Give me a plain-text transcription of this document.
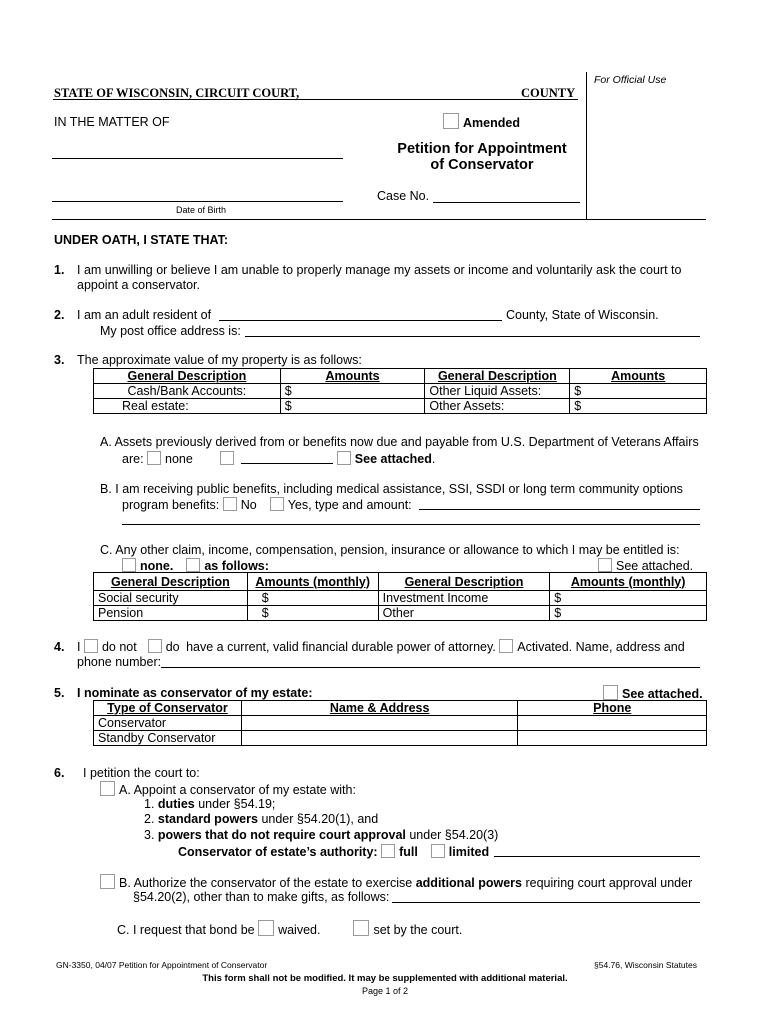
For Official Use
STATE OF WISCONSIN, CIRCUIT COURT,	COUNTY
IN THE MATTER OF	Amended
Petition for Appointment
of Conservator
Case No.
Date of Birth
UNDER OATH, I STATE THAT:
1. I am unwilling or believe I am unable to properly manage my assets or income and voluntarily ask the court to
appoint a conservator.
2. I am an adult resident of	County, State of Wisconsin.
My post office address is:
3. The approximate value of my property is as follows:
General Description	Amounts	General Description	Amounts
Cash/Bank Accounts:	$	Other Liquid Assets:	$
Real estate:	$	Other Assets:	$
A. Assets previously derived from or benefits now due and payable from U.S. Department of Veterans Affairs
are: none	See attached.
B. I am receiving public benefits, including medical assistance, SSI, SSDI or long term community options
program benefits: No Yes, type and amount:
C. Any other claim, income, compensation, pension, insurance or allowance to which I may be entitled is:
none. as follows:	See attached.
General Description	Amounts (monthly)	General Description	Amounts (monthly)
Social security	$	Investment Income	$
Pension	$	Other	$
4. I do not do have a current, valid financial durable power of attorney. Activated. Name, address and
phone number:
5. I nominate as conservator of my estate:	See attached.
Type of Conservator	Name & Address	Phone
Conservator		
Standby Conservator		
6. I petition the court to:
A. Appoint a conservator of my estate with:
1. duties under §54.19;
2. standard powers under §54.20(1), and
3. powers that do not require court approval under §54.20(3)
Conservator of estate’s authority: full limited
B. Authorize the conservator of the estate to exercise additional powers requiring court approval under
§54.20(2), other than to make gifts, as follows:
C. I request that bond be waived.	set by the court.
GN-3350, 04/07 Petition for Appointment of Conservator	§54.76, Wisconsin Statutes
This form shall not be modified. It may be supplemented with additional material.
Page 1 of 2
